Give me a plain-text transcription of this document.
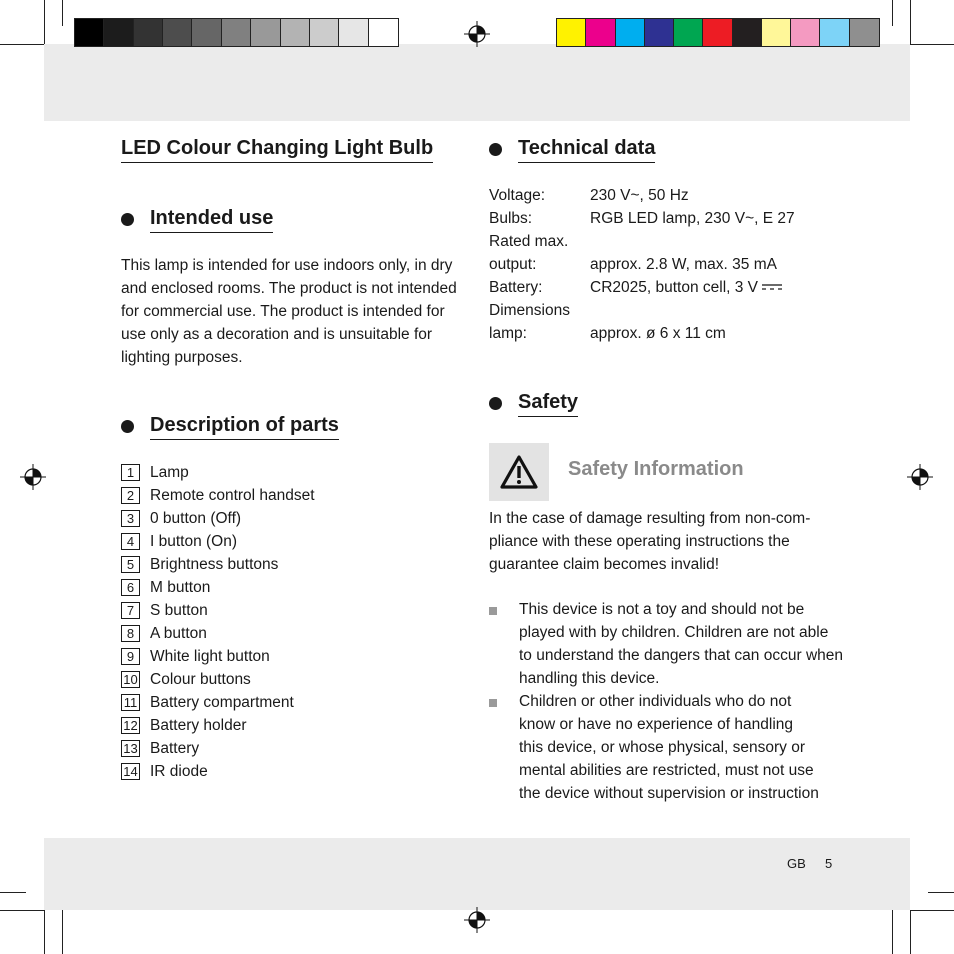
LED Colour Changing Light Bulb
Intended use
This lamp is intended for use indoors only, in dry
and enclosed rooms. The product is not intended
for commercial use. The product is intended for
use only as a decoration and is unsuitable for
lighting purposes.
Description of parts
1	Lamp
2	Remote control handset
3	0 button (Off)
4	I button (On)
5	Brightness buttons
6	M button
7	S button
8	A button
9	White light button
10 Colour buttons
11 Battery compartment
12 Battery holder
13 Battery
14 IR diode
Technical data
Voltage:	230 V~, 50 Hz
Bulbs:	RGB LED lamp, 230 V~, E 27
Rated max.
output:	approx. 2.8 W, max. 35 mA
Battery:	CR2025, button cell, 3 V
Dimensions
lamp:	approx. ø 6 x 11 cm
Safety
Safety Information
In the case of damage resulting from non-com-
pliance with these operating instructions the
guarantee claim becomes invalid!
This device is not a toy and should not be
played with by children. Children are not able
to understand the dangers that can occur when
handling this device.
Children or other individuals who do not
know or have no experience of handling
this device, or whose physical, sensory or
mental abilities are restricted, must not use
the device without supervision or instruction
GB 5
